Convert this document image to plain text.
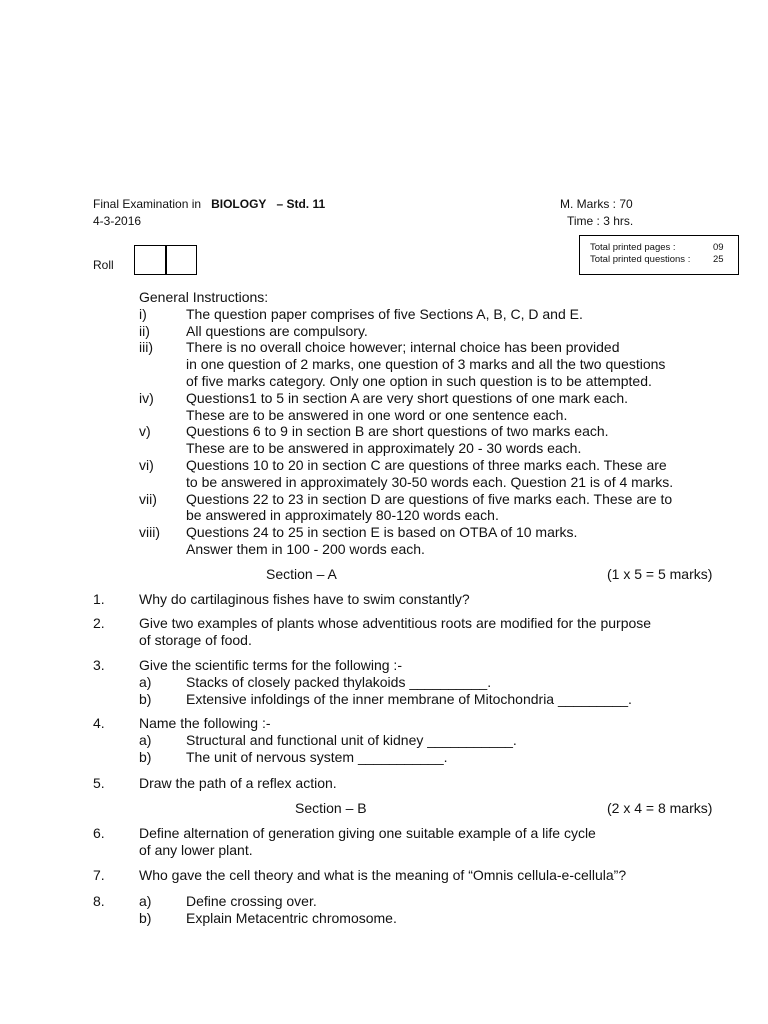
Final Examination in BIOLOGY – Std. 11	M. Marks : 70
4-3-2016	Time : 3 hrs.
Total printed pages :	09
Total printed questions : 25
Roll
General Instructions:
i)	The question paper comprises of five Sections A, B, C, D and E.
ii)	All questions are compulsory.
iii) There is no overall choice however; internal choice has been provided
in one question of 2 marks, one question of 3 marks and all the two questions
of five marks category. Only one option in such question is to be attempted.
iv) Questions1 to 5 in section A are very short questions of one mark each.
These are to be answered in one word or one sentence each.
v)	Questions 6 to 9 in section B are short questions of two marks each.
These are to be answered in approximately 20 - 30 words each.
vi) Questions 10 to 20 in section C are questions of three marks each. These are
to be answered in approximately 30-50 words each. Question 21 is of 4 marks.
vii) Questions 22 to 23 in section D are questions of five marks each. These are to
be answered in approximately 80-120 words each.
viii) Questions 24 to 25 in section E is based on OTBA of 10 marks.
Answer them in 100 - 200 words each.
Section – A	(1 x 5 = 5 marks)
1. Why do cartilaginous fishes have to swim constantly?
2. Give two examples of plants whose adventitious roots are modified for the purpose
of storage of food.
3. Give the scientific terms for the following :-
a) Stacks of closely packed thylakoids __________.
b) Extensive infoldings of the inner membrane of Mitochondria _________.
4. Name the following :-
a) Structural and functional unit of kidney ___________.
b) The unit of nervous system ___________.
5. Draw the path of a reflex action.
6. Define alternation of generation giving one suitable example of a life cycle
of any lower plant.
7. Who gave the cell theory and what is the meaning of “Omnis cellula-e-cellula”?
8. a) Define crossing over.
b) Explain Metacentric chromosome.
Section – B	(2 x 4 = 8 marks)
